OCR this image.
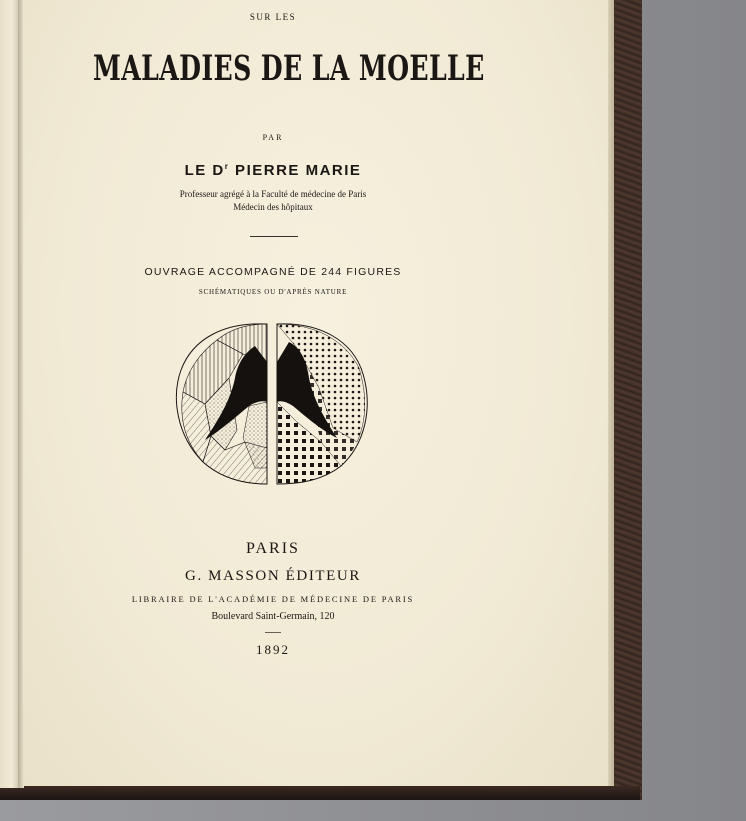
SUR LES
MALADIES DE LA MOELLE
PAR
LE $D^r$ PIERRE MARIE
Professeur agrégé à la Faculté de médecine de Paris
Médecin des hôpitaux
OUVRAGE ACCOMPAGNÉ DE 244 FIGURES
SCHÉMATIQUES OU D'APRÈS NATURE
PARIS
G. MASSON ÉDITEUR
LIBRAIRE DE L'ACADÉMIE DE MÉDECINE DE PARIS
Boulevard Saint-Germain, 120
1892
